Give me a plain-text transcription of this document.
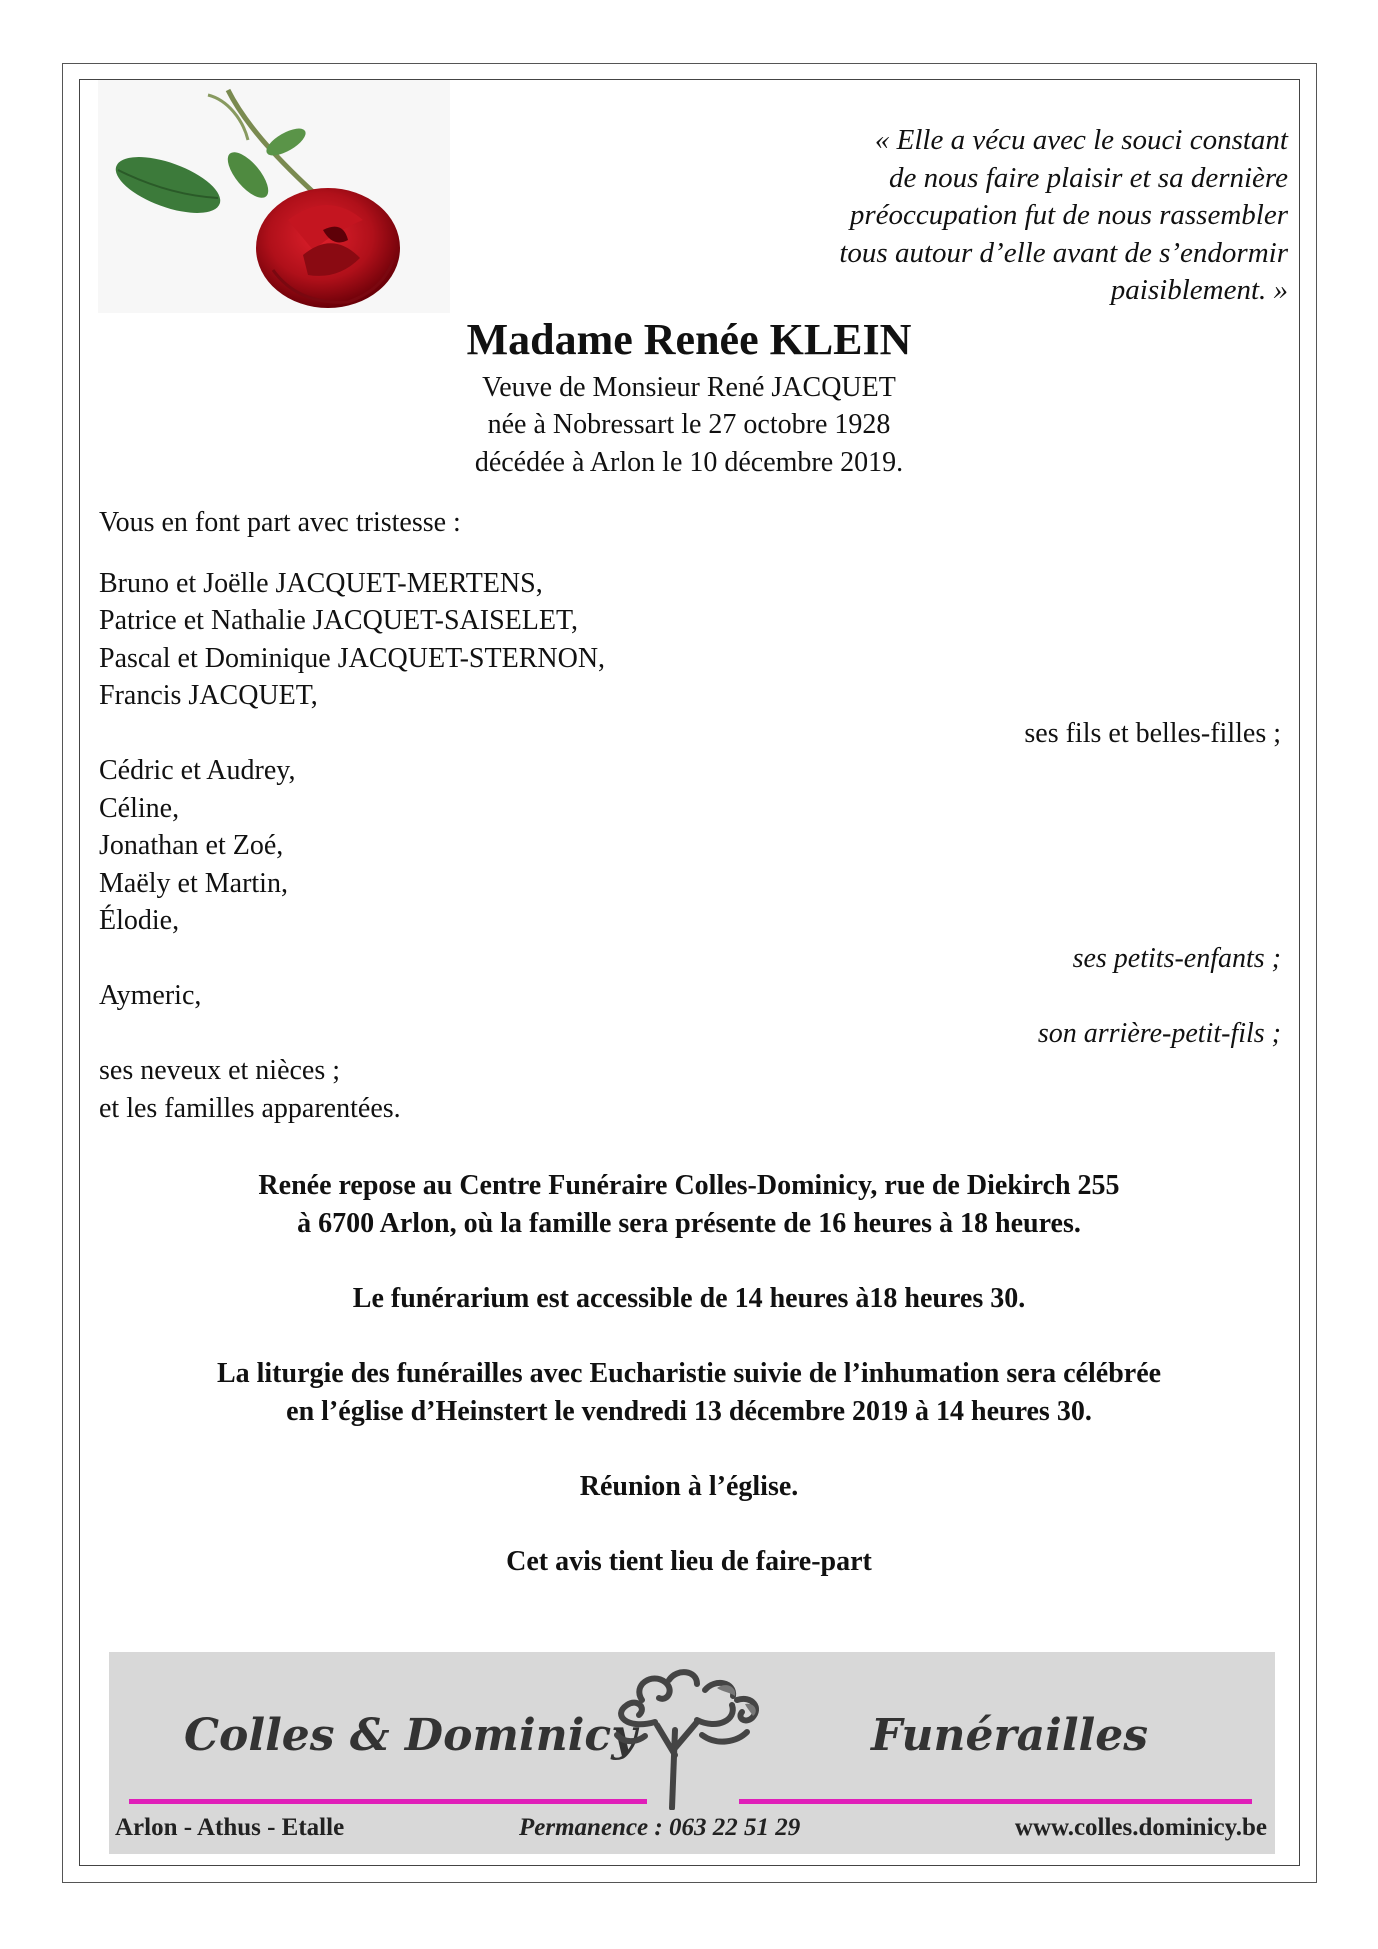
« Elle a vécu avec le souci constant
de nous faire plaisir et sa dernière
préoccupation fut de nous rassembler
tous autour d’elle avant de s’endormir
paisiblement. »
Madame Renée KLEIN
Veuve de Monsieur René JACQUET
née à Nobressart le 27 octobre 1928
décédée à Arlon le 10 décembre 2019.
Vous en font part avec tristesse :
Bruno et Joëlle JACQUET-MERTENS,
Patrice et Nathalie JACQUET-SAISELET,
Pascal et Dominique JACQUET-STERNON,
Francis JACQUET,
ses fils et belles-filles ;
Cédric et Audrey,
Céline,
Jonathan et Zoé,
Maëly et Martin,
Élodie,
ses petits-enfants ;
Aymeric,
son arrière-petit-fils ;
ses neveux et nièces ;
et les familles apparentées.
Renée repose au Centre Funéraire Colles-Dominicy, rue de Diekirch 255
à 6700 Arlon, où la famille sera présente de 16 heures à 18 heures.
Le funérarium est accessible de 14 heures à18 heures 30.
La liturgie des funérailles avec Eucharistie suivie de l’inhumation sera célébrée
en l’église d’Heinstert le vendredi 13 décembre 2019 à 14 heures 30.
Réunion à l’église.
Cet avis tient lieu de faire-part
Colles & Dominicy	Funérailles
Arlon - Athus - Etalle	Permanence : 063 22 51 29	www.colles.dominicy.be
